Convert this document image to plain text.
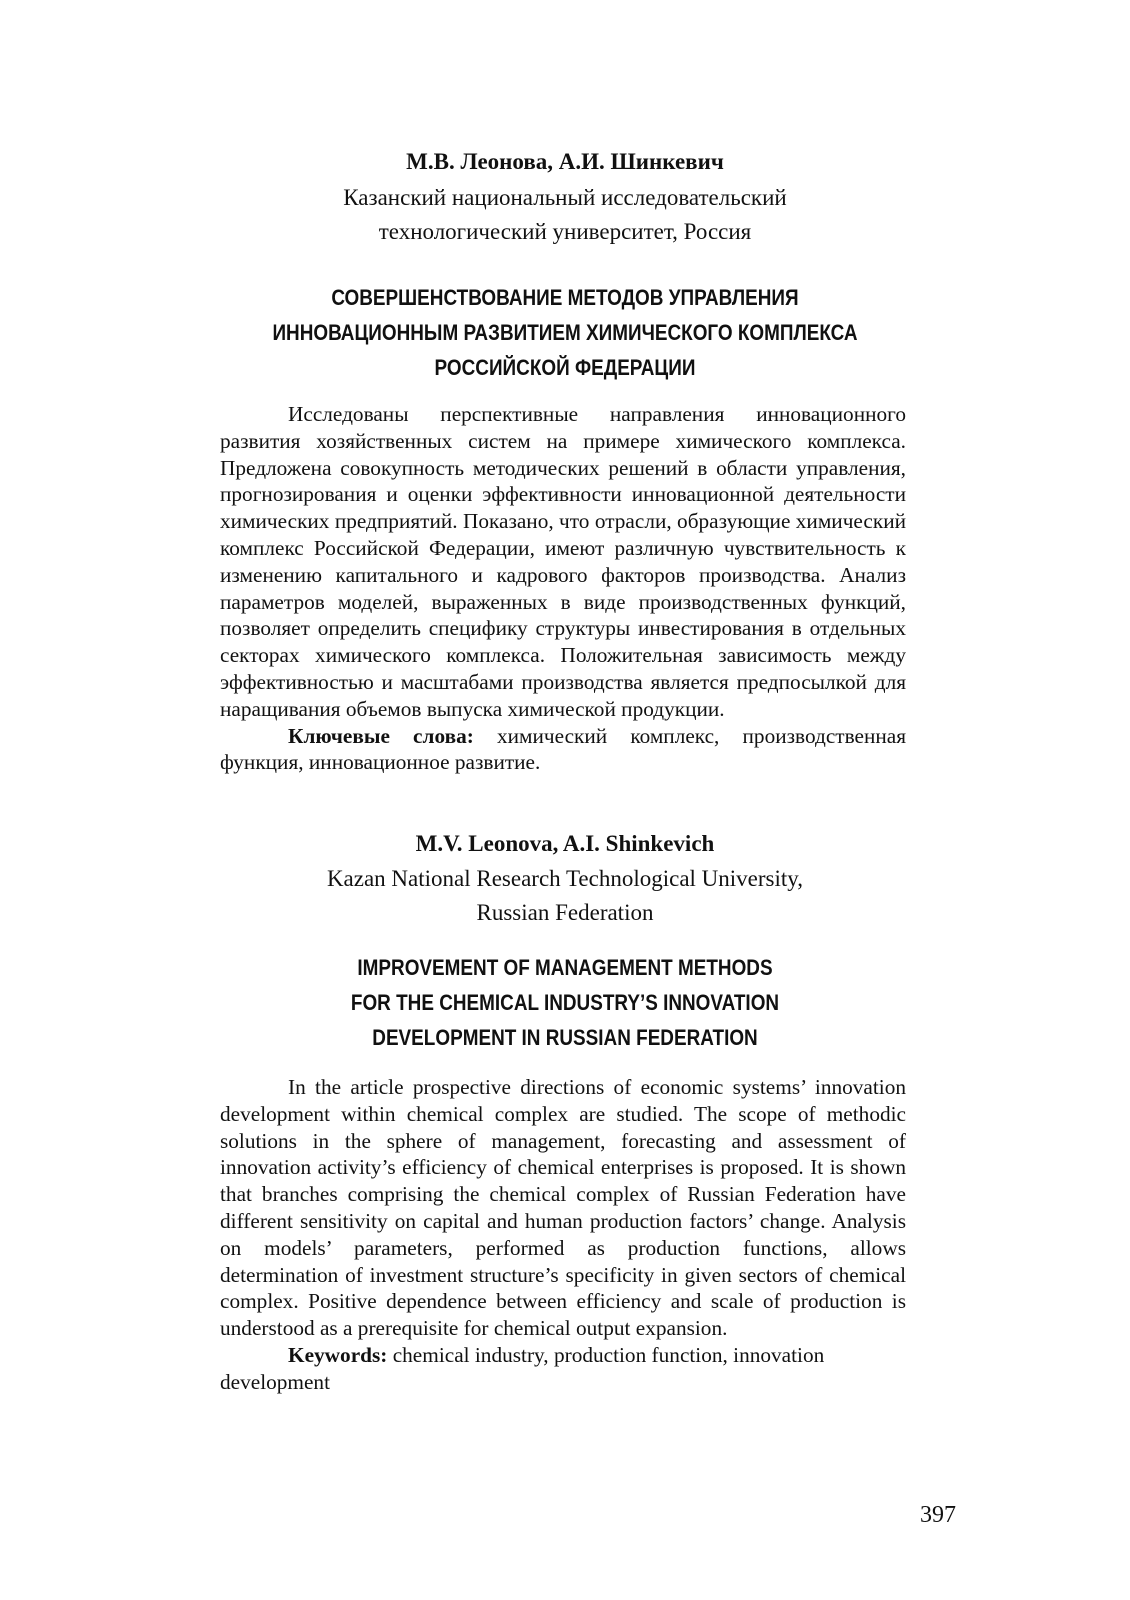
М.В. Леонова, А.И. Шинкевич
Казанский национальный исследовательский
технологический университет, Россия
СОВЕРШЕНСТВОВАНИЕ МЕТОДОВ УПРАВЛЕНИЯ
ИННОВАЦИОННЫМ РАЗВИТИЕМ ХИМИЧЕСКОГО КОМПЛЕКСА
РОССИЙСКОЙ ФЕДЕРАЦИИ

Исследованы перспективные направления инновационного развития хозяйственных систем на примере химического комплекса. Предложена совокупность методических решений в области управления, прогнозирования и оценки эффективности инновационной деятельности химических предприятий. Показано, что отрасли, образующие химический комплекс Российской Федерации, имеют различную чувствительность к изменению капитального и кадрового факторов производства. Анализ параметров моделей, выраженных в виде производственных функций, позволяет определить специфику структуры инвестирования в отдельных секторах химического комплекса. Положительная зависимость между эффективностью и масштабами производства является предпосылкой для наращивания объемов выпуска химической продукции.

Ключевые слова: химический комплекс, производственная функция, инновационное развитие.

M.V. Leonova, A.I. Shinkevich
Kazan National Research Technological University,
Russian Federation
IMPROVEMENT OF MANAGEMENT METHODS
FOR THE CHEMICAL INDUSTRY’S INNOVATION
DEVELOPMENT IN RUSSIAN FEDERATION

In the article prospective directions of economic systems’ innovation development within chemical complex are studied. The scope of methodic solutions in the sphere of management, forecasting and assessment of innovation activity’s efficiency of chemical enterprises is proposed. It is shown that branches comprising the chemical complex of Russian Federation have different sensitivity on capital and human production factors’ change. Analysis on models’ parameters, performed as production functions, allows determination of investment structure’s specificity in given sectors of chemical complex. Positive dependence between efficiency and scale of production is understood as a prerequisite for chemical output expansion.

Keywords: chemical industry, production function, innovation development

397
